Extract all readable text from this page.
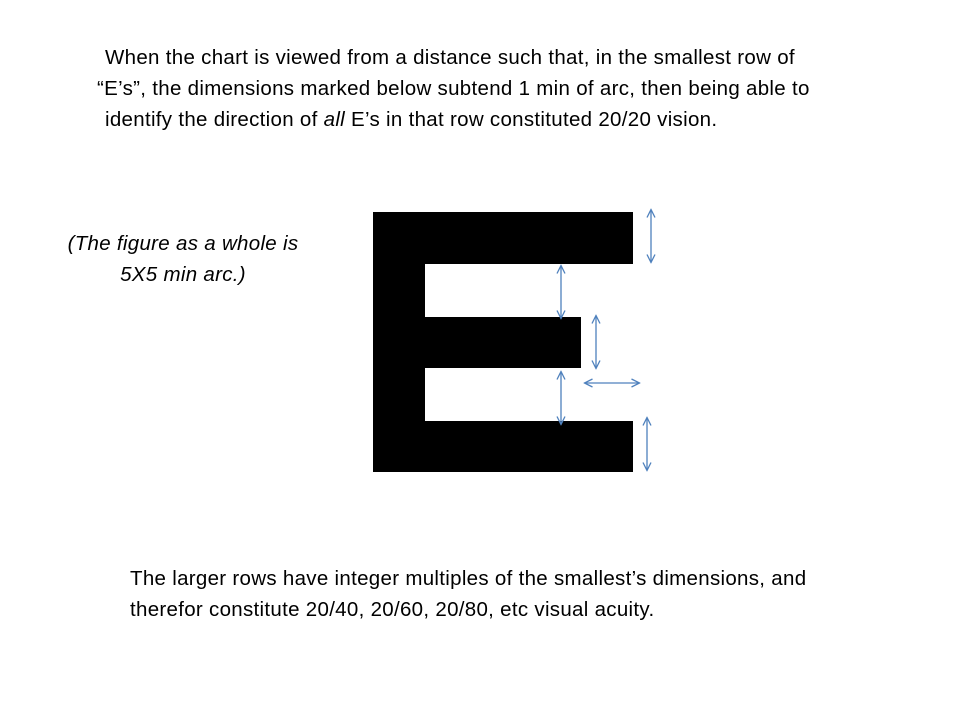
When the chart is viewed from a distance such that, in the smallest row of

“E’s”, the dimensions marked below subtend 1 min of arc, then being able to

identify the direction of all E’s in that row constituted 20/20 vision.

(The figure as a whole is

5X5 min arc.)

The larger rows have integer multiples of the smallest’s dimensions, and

therefor constitute 20/40, 20/60, 20/80, etc visual acuity.
